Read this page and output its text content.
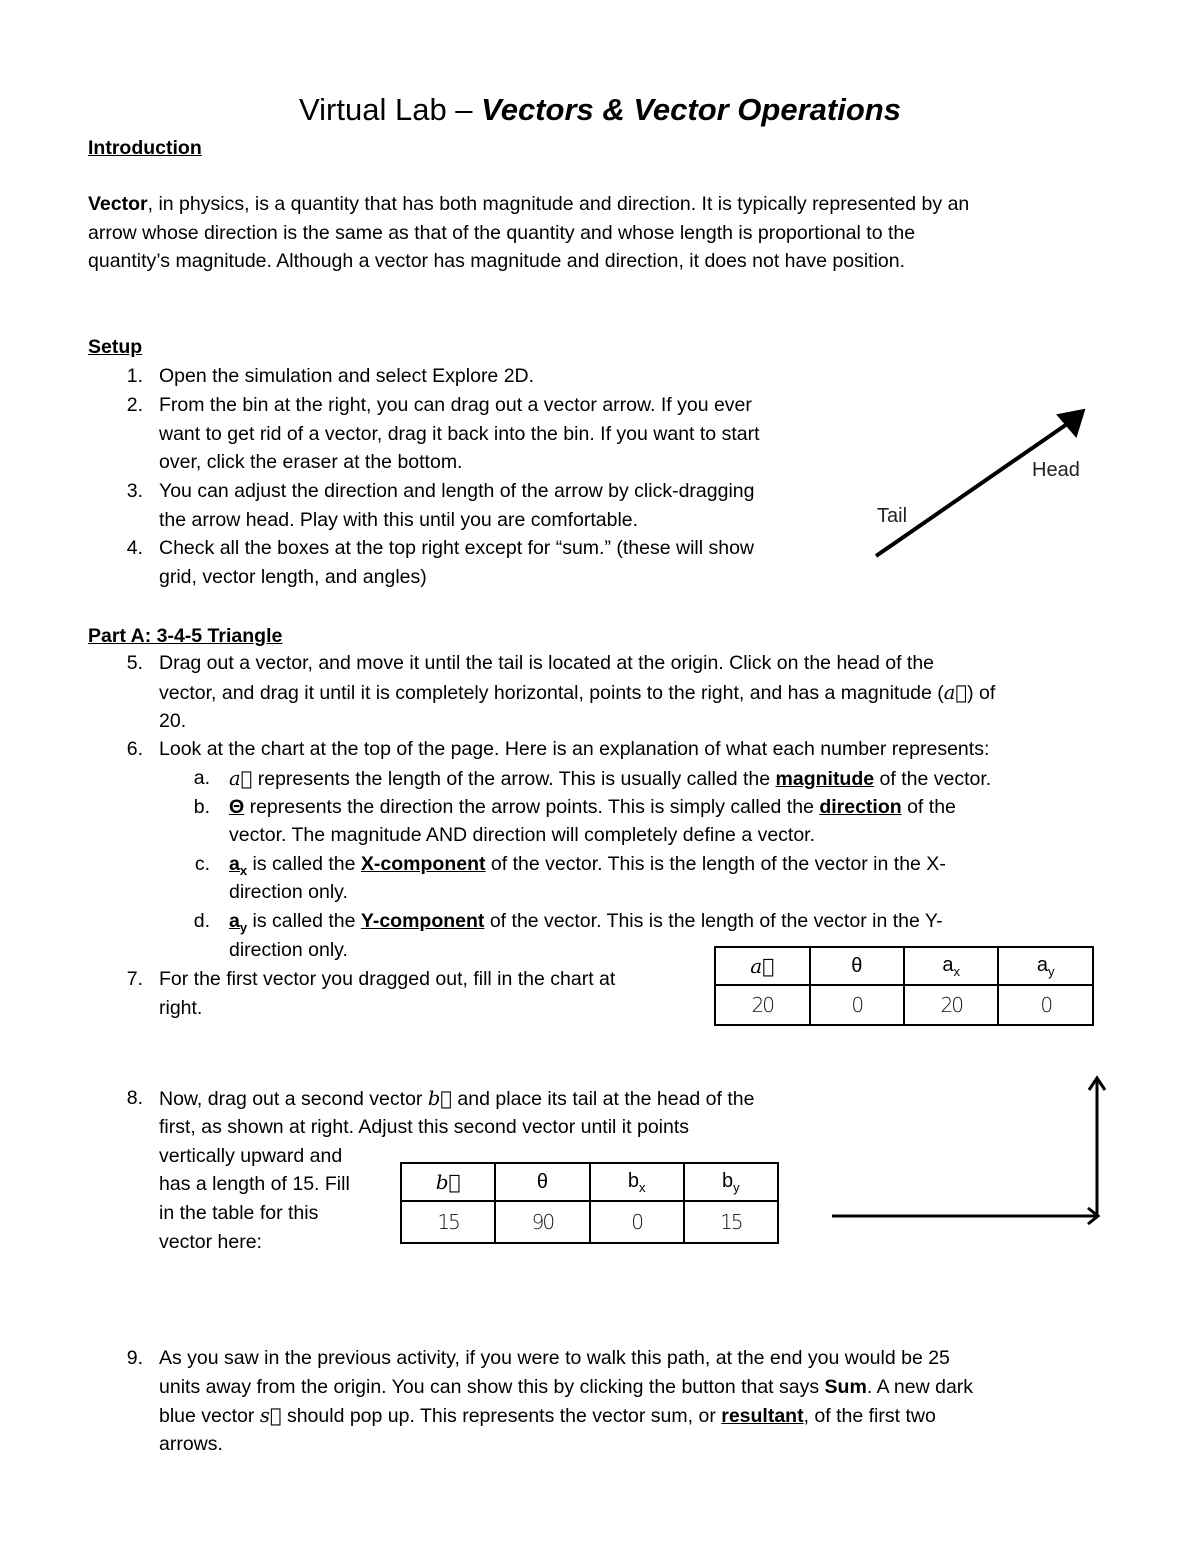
Virtual Lab – Vectors & Vector Operations
Introduction
Vector, in physics, is a quantity that has both magnitude and direction. It is typically represented by an
arrow whose direction is the same as that of the quantity and whose length is proportional to the
quantity’s magnitude. Although a vector has magnitude and direction, it does not have position.
Setup
1. Open the simulation and select Explore 2D.
2. From the bin at the right, you can drag out a vector arrow. If you ever
want to get rid of a vector, drag it back into the bin. If you want to start
over, click the eraser at the bottom.
3. You can adjust the direction and length of the arrow by click-dragging
the arrow head. Play with this until you are comfortable.
4. Check all the boxes at the top right except for “sum.” (these will show
grid, vector length, and angles)
Head
Tail
Part A: 3-4-5 Triangle
5. Drag out a vector, and move it until the tail is located at the origin. Click on the head of the
vector, and drag it until it is completely horizontal, points to the right, and has a magnitude (a⃗) of
20.
6. Look at the chart at the top of the page. Here is an explanation of what each number represents:
a. a⃗ represents the length of the arrow. This is usually called the magnitude of the vector.
b. Θ represents the direction the arrow points. This is simply called the direction of the
vector. The magnitude AND direction will completely define a vector.
c. $a_x$ is called the X-component of the vector. This is the length of the vector in the X-
direction only.
d. $a_y$ is called the Y-component of the vector. This is the length of the vector in the Y-
direction only.
7. For the first vector you dragged out, fill in the chart at
right.
a⃗	θ	$a_x$	$a_y$
20	0	20	0
8. Now, drag out a second vector b⃗ and place its tail at the head of the
first, as shown at right. Adjust this second vector until it points
vertically upward and
has a length of 15. Fill
in the table for this
vector here:
b⃗	θ	$b_x$	$b_y$
15	90	0	15
9. As you saw in the previous activity, if you were to walk this path, at the end you would be 25
units away from the origin. You can show this by clicking the button that says Sum. A new dark
blue vector s⃗ should pop up. This represents the vector sum, or resultant, of the first two
arrows.
